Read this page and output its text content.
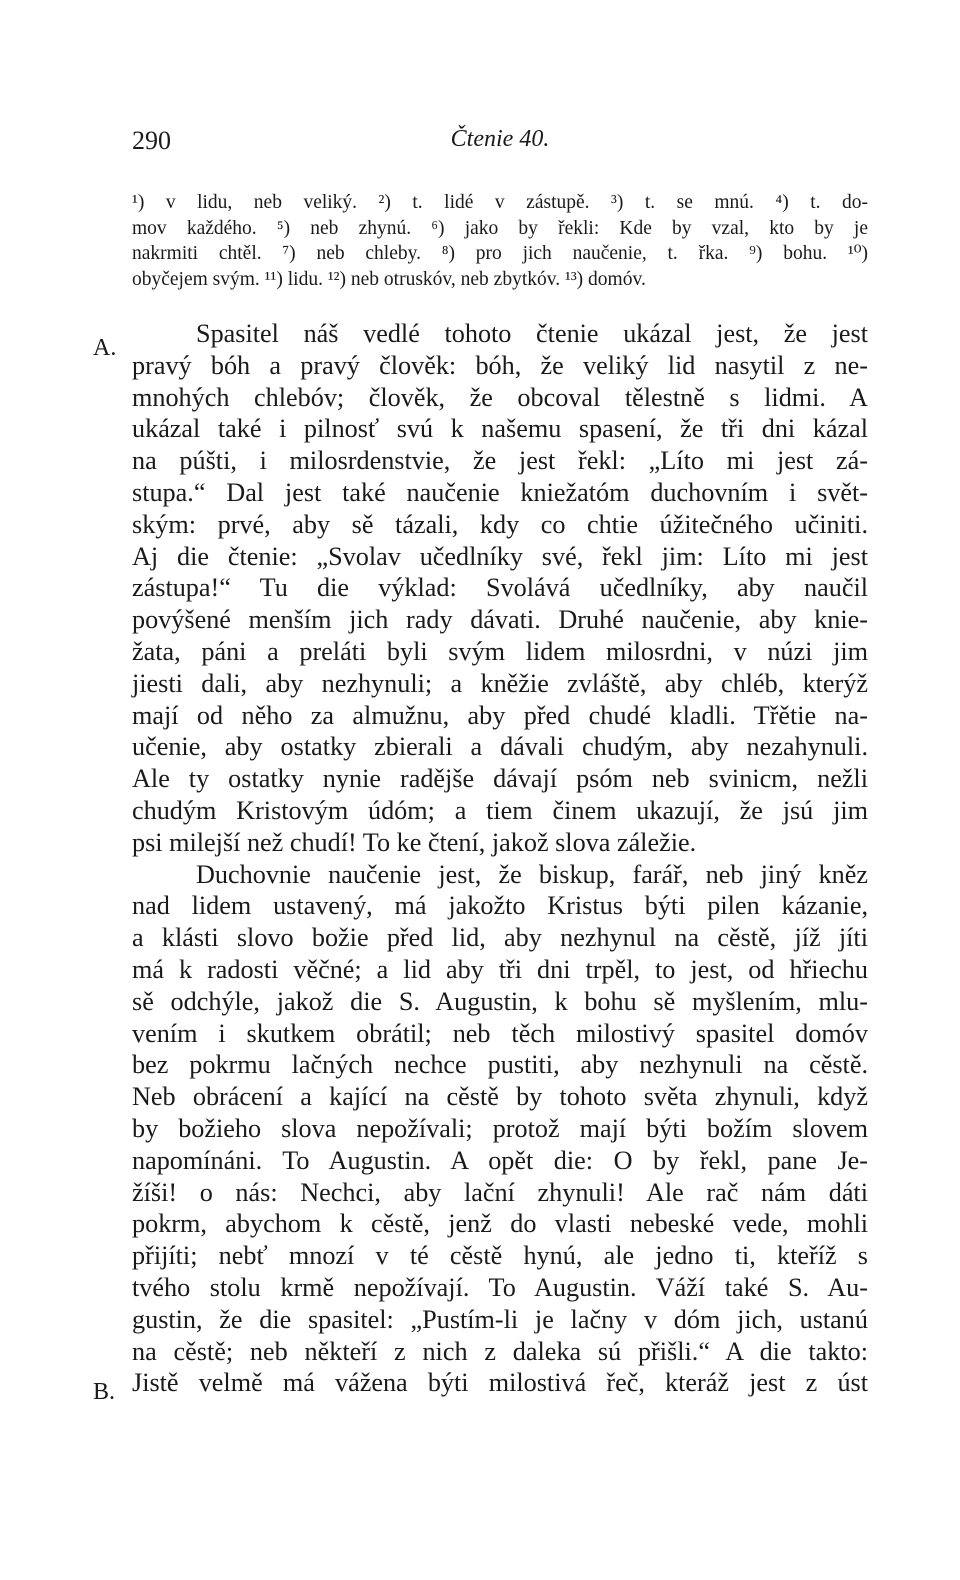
290	Čtenie 40.
¹) v lidu, neb veliký. ²) t. lidé v zástupě. ³) t. se mnú. ⁴) t. do-
mov každého. ⁵) neb zhynú. ⁶) jako by řekli: Kde by vzal, kto by je
nakrmiti chtěl. ⁷) neb chleby. ⁸) pro jich naučenie, t. řka. ⁹) bohu. ¹⁰)
obyčejem svým. ¹¹) lidu. ¹²) neb otruskóv, neb zbytkóv. ¹³) domóv.
A.
B.
Spasitel náš vedlé tohoto čtenie ukázal jest, že jest
pravý bóh a pravý člověk: bóh, že veliký lid nasytil z ne-
mnohých chlebóv; člověk, že obcoval tělestně s lidmi. A
ukázal také i pilnosť svú k našemu spasení, že tři dni kázal
na púšti, i milosrdenstvie, že jest řekl: „Líto mi jest zá-
stupa.“ Dal jest také naučenie kniežatóm duchovním i svět-
ským: prvé, aby sě tázali, kdy co chtie úžitečného učiniti.
Aj die čtenie: „Svolav učedlníky své, řekl jim: Líto mi jest
zástupa!“ Tu die výklad: Svolává učedlníky, aby naučil
povýšené menším jich rady dávati. Druhé naučenie, aby knie-
žata, páni a preláti byli svým lidem milosrdni, v núzi jim
jiesti dali, aby nezhynuli; a kněžie zvláště, aby chléb, kterýž
mají od něho za almužnu, aby před chudé kladli. Třětie na-
učenie, aby ostatky zbierali a dávali chudým, aby nezahynuli.
Ale ty ostatky nynie radějše dávají psóm neb svinicm, nežli
chudým Kristovým údóm; a tiem činem ukazují, že jsú jim
psi milejší než chudí! To ke čtení, jakož slova záležie.
Duchovnie naučenie jest, že biskup, farář, neb jiný kněz
nad lidem ustavený, má jakožto Kristus býti pilen kázanie,
a klásti slovo božie před lid, aby nezhynul na cěstě, jíž jíti
má k radosti věčné; a lid aby tři dni trpěl, to jest, od hřiechu
sě odchýle, jakož die S. Augustin, k bohu sě myšlením, mlu-
vením i skutkem obrátil; neb těch milostivý spasitel domóv
bez pokrmu lačných nechce pustiti, aby nezhynuli na cěstě.
Neb obrácení a kající na cěstě by tohoto světa zhynuli, když
by božieho slova nepožívali; protož mají býti božím slovem
napomínáni. To Augustin. A opět die: O by řekl, pane Je-
žíši! o nás: Nechci, aby lační zhynuli! Ale rač nám dáti
pokrm, abychom k cěstě, jenž do vlasti nebeské vede, mohli
přijíti; nebť mnozí v té cěstě hynú, ale jedno ti, kteříž s
tvého stolu krmě nepožívají. To Augustin. Váží také S. Au-
gustin, že die spasitel: „Pustím-li je lačny v dóm jich, ustanú
na cěstě; neb někteří z nich z daleka sú přišli.“ A die takto:
Jistě velmě má vážena býti milostivá řeč, kteráž jest z úst
